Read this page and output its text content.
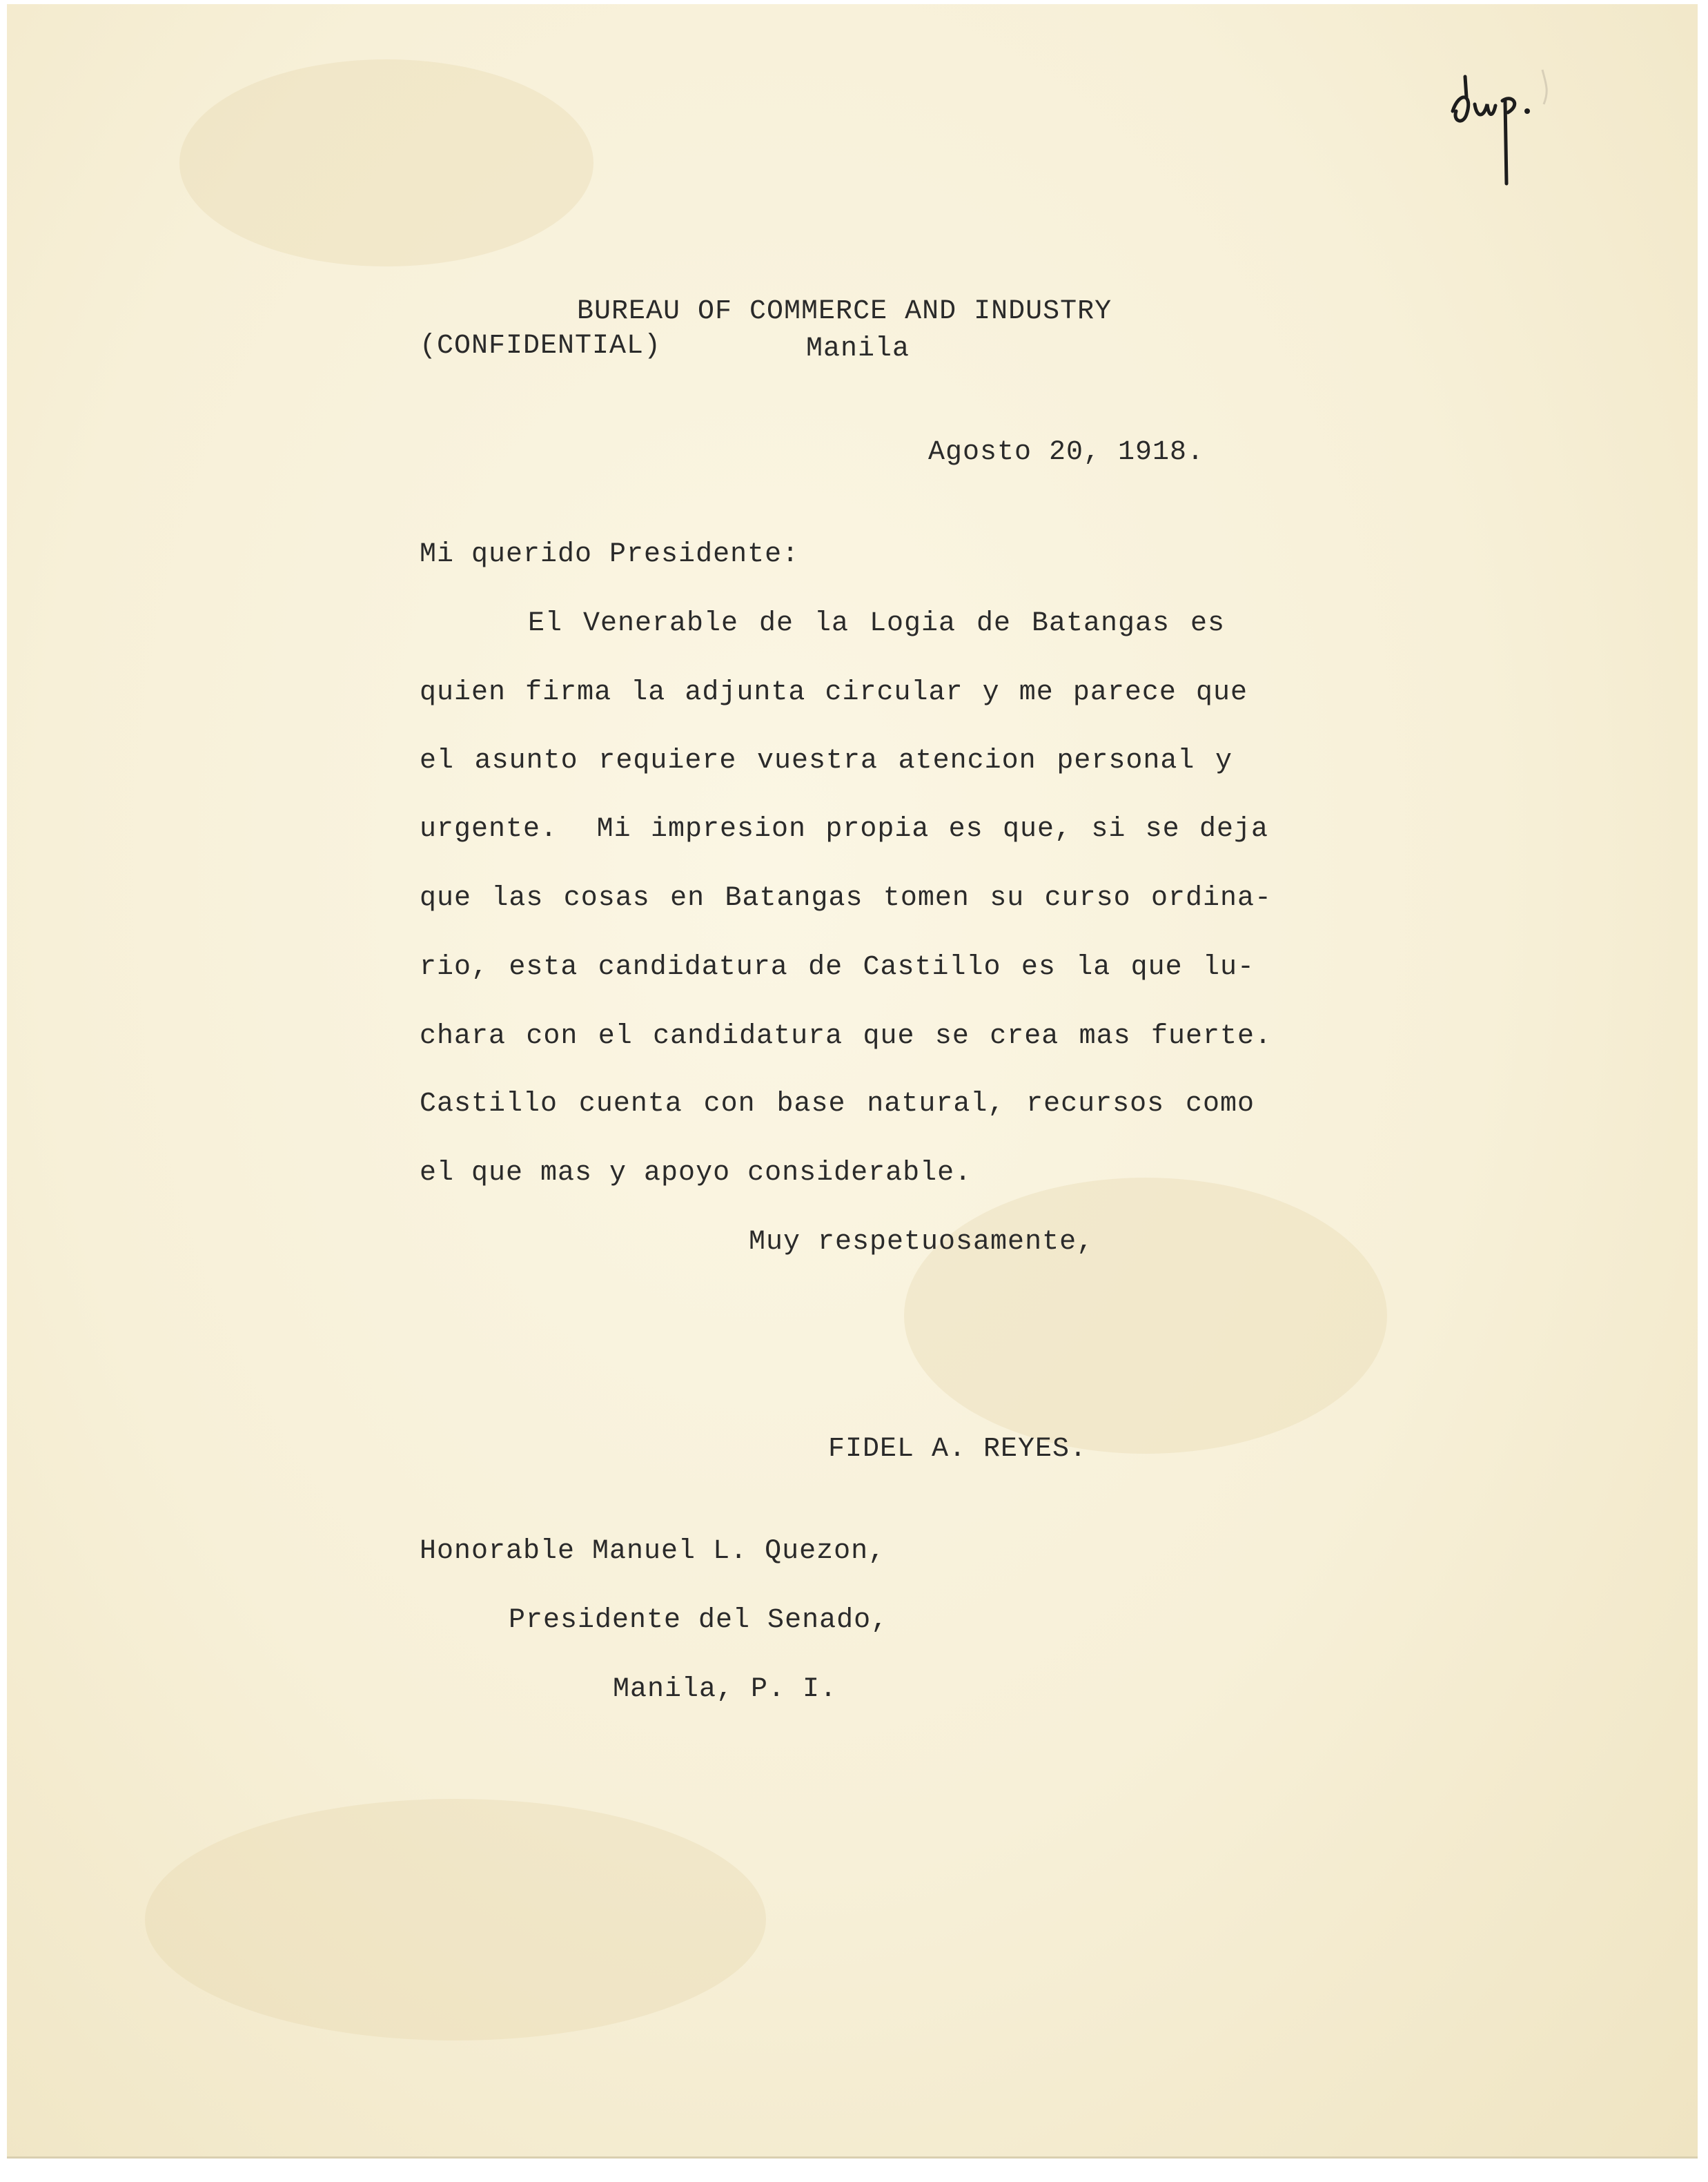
BUREAU OF COMMERCE AND INDUSTRY
(CONFIDENTIAL)	Manila
Agosto 20, 1918.
Mi querido Presidente:
El Venerable de la Logia de Batangas es
quien firma la adjunta circular y me parece que
el asunto requiere vuestra atencion personal y
urgente.  Mi impresion propia es que, si se deja
que las cosas en Batangas tomen su curso ordina-
rio, esta candidatura de Castillo es la que lu-
chara con el candidatura que se crea mas fuerte.
Castillo cuenta con base natural, recursos como
el que mas y apoyo considerable.
Muy respetuosamente,
FIDEL A. REYES.
Honorable Manuel L. Quezon,
Presidente del Senado,
Manila, P. I.
